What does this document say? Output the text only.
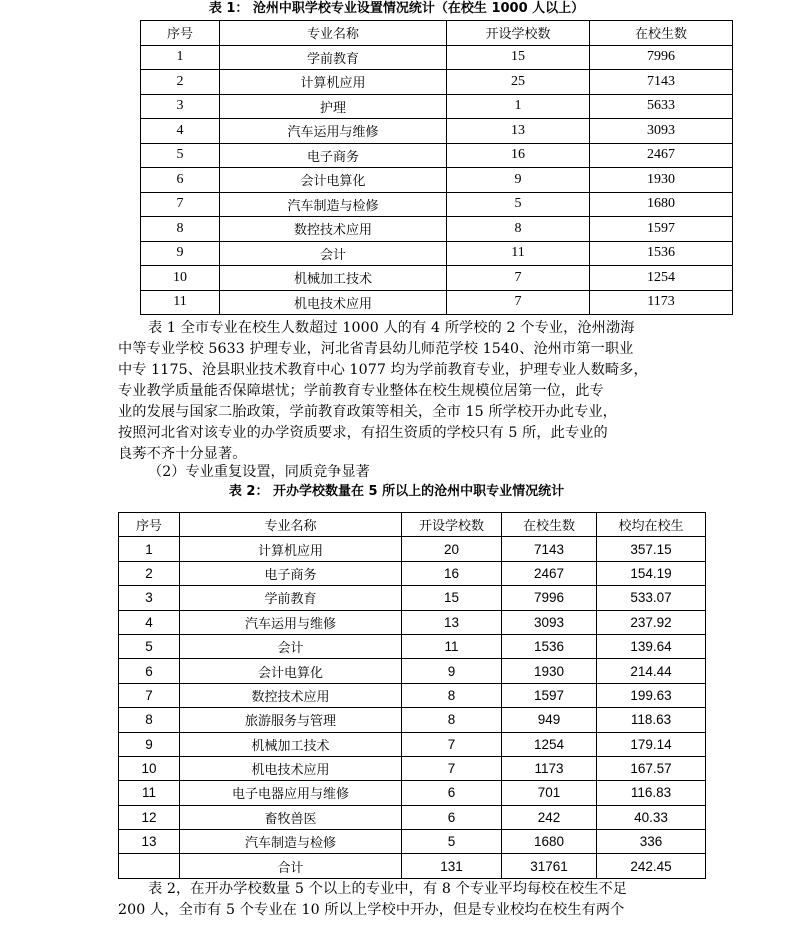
表 1： 沧州中职学校专业设置情况统计（在校生 1000 人以上）
序号	专业名称	开设学校数	在校生数
1	学前教育	15	7996
2	计算机应用	25	7143
3	护理	1	5633
4	汽车运用与维修	13	3093
5	电子商务	16	2467
6	会计电算化	9	1930
7	汽车制造与检修	5	1680
8	数控技术应用	8	1597
9	会计	11	1536
10	机械加工技术	7	1254
11	机电技术应用	7	1173
表 1 全市专业在校生人数超过 1000 人的有 4 所学校的 2 个专业，沧州渤海
中等专业学校 5633 护理专业，河北省青县幼儿师范学校 1540、沧州市第一职业
中专 1175、沧县职业技术教育中心 1077 均为学前教育专业，护理专业人数畸多，
专业教学质量能否保障堪忧；学前教育专业整体在校生规模位居第一位，此专
业的发展与国家二胎政策，学前教育政策等相关，全市 15 所学校开办此专业，
按照河北省对该专业的办学资质要求，有招生资质的学校只有 5 所，此专业的
良莠不齐十分显著。
（2）专业重复设置，同质竞争显著
表 2： 开办学校数量在 5 所以上的沧州中职专业情况统计
序号	专业名称	开设学校数	在校生数	校均在校生
1	计算机应用	20	7143	357.15
2	电子商务	16	2467	154.19
3	学前教育	15	7996	533.07
4	汽车运用与维修	13	3093	237.92
5	会计	11	1536	139.64
6	会计电算化	9	1930	214.44
7	数控技术应用	8	1597	199.63
8	旅游服务与管理	8	949	118.63
9	机械加工技术	7	1254	179.14
10	机电技术应用	7	1173	167.57
11	电子电器应用与维修	6	701	116.83
12	畜牧兽医	6	242	40.33
13	汽车制造与检修	5	1680	336
	合计	131	31761	242.45
表 2，在开办学校数量 5 个以上的专业中，有 8 个专业平均每校在校生不足
200 人，全市有 5 个专业在 10 所以上学校中开办，但是专业校均在校生有两个
